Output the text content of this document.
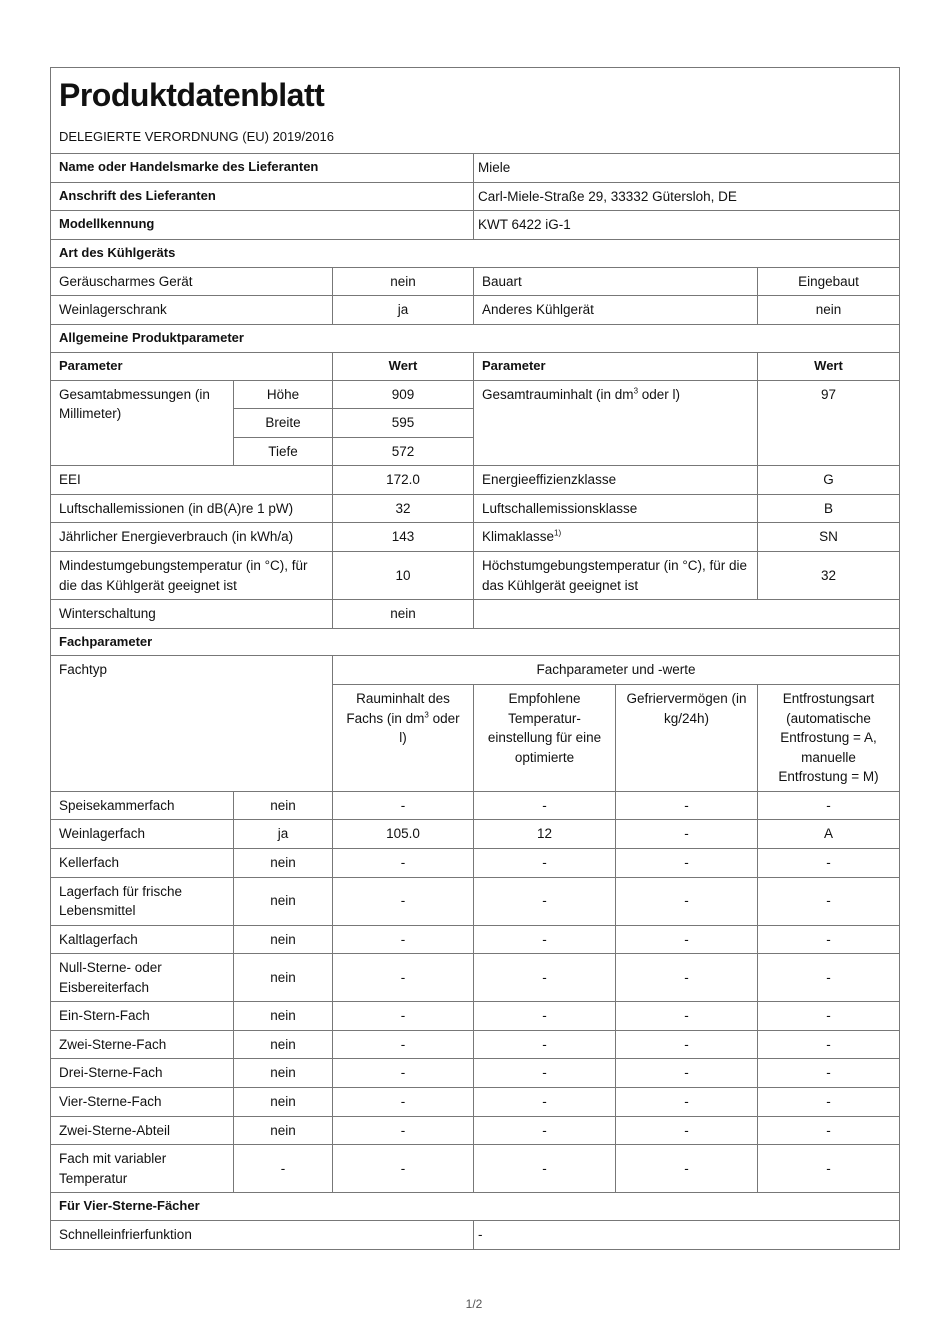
Produktdatenblatt					
DELEGIERTE VERORDNUNG (EU) 2019/2016					
Name oder Handelsmarke des Lieferanten			Miele		
Anschrift des Lieferanten			Carl-Miele-Straße 29, 33332 Gütersloh, DE		
Modellkennung			KWT 6422 iG-1		
Art des Kühlgeräts					
Geräuscharmes Gerät		nein	Bauart		Eingebaut
Weinlagerschrank		ja	Anderes Kühlgerät		nein
Allgemeine Produktparameter					
Parameter		Wert	Parameter		Wert
Gesamtabmessungen (in Millimeter)	Höhe	909	Gesamtrauminhalt (in $dm^3$ oder l)		97
	Breite	595			
	Tiefe	572			
EEI		172.0	Energieeffizienzklasse		G
Luftschallemissionen (in dB(A)re 1 pW)		32	Luftschallemissionsklasse		B
Jährlicher Energieverbrauch (in kWh/a)		143	Klimaklasse$^{1)}$		SN
Mindestumgebungstemperatur (in °C), für die das Kühlgerät geeignet ist		10	Höchstumgebungstemperatur (in °C), für die das Kühlgerät geeignet ist		32
Winterschaltung		nein			
Fachparameter					
Fachtyp		Fachparameter und -werte			
		Rauminhalt des Fachs (in $dm^3$ oder l)	Empfohlene Temperatur-einstellung für eine optimierte	Gefriervermögen (in kg/24h)	Entfrostungsart (automatische Entfrostung = A, manuelle Entfrostung = M)
Speisekammerfach	nein	-	-	-	-
Weinlagerfach	ja	105.0	12	-	A
Kellerfach	nein	-	-	-	-
Lagerfach für frische Lebensmittel	nein	-	-	-	-
Kaltlagerfach	nein	-	-	-	-
Null-Sterne- oder Eisbereiterfach	nein	-	-	-	-
Ein-Stern-Fach	nein	-	-	-	-
Zwei-Sterne-Fach	nein	-	-	-	-
Drei-Sterne-Fach	nein	-	-	-	-
Vier-Sterne-Fach	nein	-	-	-	-
Zwei-Sterne-Abteil	nein	-	-	-	-
Fach mit variabler Temperatur	-	-	-	-	-
Für Vier-Sterne-Fächer					
Schnelleinfrierfunktion			-		
1/2
